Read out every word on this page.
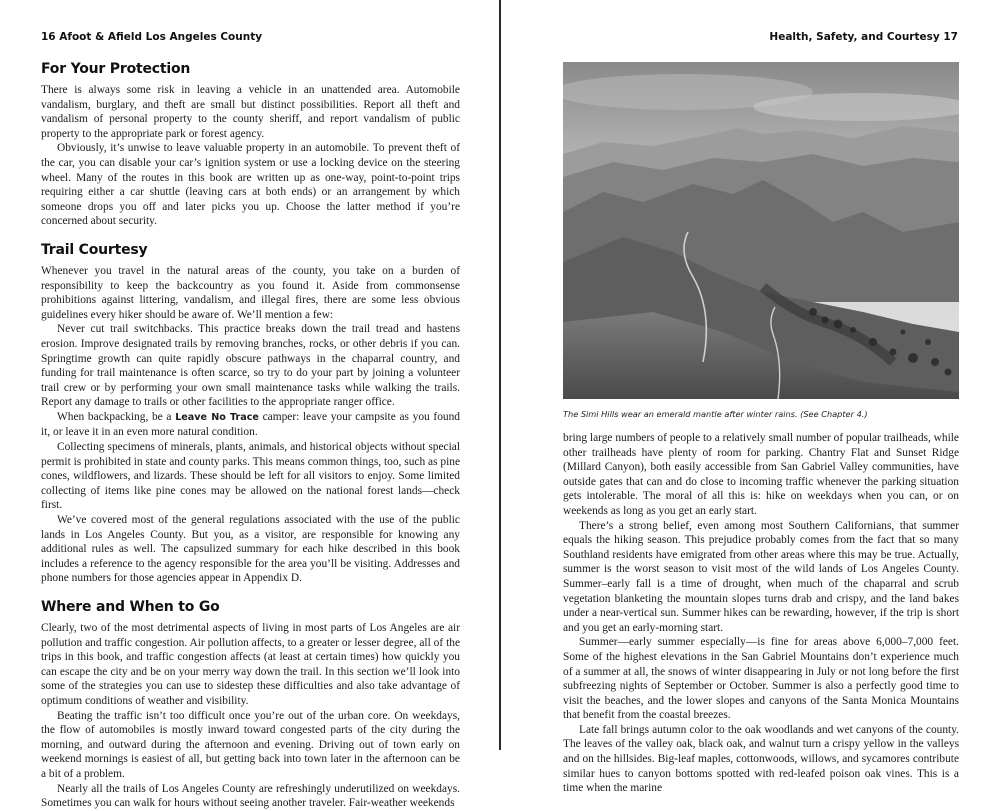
16 Afoot & Afield Los Angeles County
For Your Protection

There is always some risk in leaving a vehicle in an unattended area. Automobile vandalism, burglary, and theft are small but distinct possibilities. Report all theft and vandalism of personal property to the county sheriff, and report vandalism of public property to the appropriate park or forest agency.

Obviously, it’s unwise to leave valuable property in an automobile. To prevent theft of the car, you can disable your car’s ignition system or use a locking device on the steering wheel. Many of the routes in this book are written up as one-way, point-to-point trips requiring either a car shuttle (leaving cars at both ends) or an arrangement by which someone drops you off and later picks you up. Choose the latter method if you’re concerned about security.

Trail Courtesy

Whenever you travel in the natural areas of the county, you take on a burden of responsibility to keep the backcountry as you found it. Aside from commonsense prohibitions against littering, vandalism, and illegal fires, there are some less obvious guidelines every hiker should be aware of. We’ll mention a few:

Never cut trail switchbacks. This practice breaks down the trail tread and hastens erosion. Improve designated trails by removing branches, rocks, or other debris if you can. Springtime growth can quite rapidly obscure pathways in the chaparral country, and funding for trail maintenance is often scarce, so try to do your part by joining a volunteer trail crew or by performing your own small maintenance tasks while walking the trails. Report any damage to trails or other facilities to the appropriate ranger office.

When backpacking, be a Leave No Trace camper: leave your campsite as you found it, or leave it in an even more natural condition.

Collecting specimens of minerals, plants, animals, and historical objects without special permit is prohibited in state and county parks. This means common things, too, such as pine cones, wildflowers, and lizards. These should be left for all visitors to enjoy. Some limited collecting of items like pine cones may be allowed on the national forest lands—check first.

We’ve covered most of the general regulations associated with the use of the public lands in Los Angeles County. But you, as a visitor, are responsible for knowing any additional rules as well. The capsulized summary for each hike described in this book includes a reference to the agency responsible for the area you’ll be visiting. Addresses and phone numbers for those agencies appear in Appendix D.

Where and When to Go

Clearly, two of the most detrimental aspects of living in most parts of Los Angeles are air pollution and traffic congestion. Air pollution affects, to a greater or lesser degree, all of the trips in this book, and traffic congestion affects (at least at certain times) how quickly you can escape the city and be on your merry way down the trail. In this section we’ll look into some of the strategies you can use to sidestep these difficulties and also take advantage of optimum conditions of weather and visibility.

Beating the traffic isn’t too difficult once you’re out of the urban core. On weekdays, the flow of automobiles is mostly inward toward congested parts of the city during the morning, and outward during the afternoon and evening. Driving out of town early on weekend mornings is easiest of all, but getting back into town later in the afternoon can be a bit of a problem.

Nearly all the trails of Los Angeles County are refreshingly underutilized on weekdays. Sometimes you can walk for hours without seeing another traveler. Fair-weather weekends

Health, Safety, and Courtesy 17
The Simi Hills wear an emerald mantle after winter rains. (See Chapter 4.)

bring large numbers of people to a relatively small number of popular trailheads, while other trailheads have plenty of room for parking. Chantry Flat and Sunset Ridge (Millard Canyon), both easily accessible from San Gabriel Valley communities, have outside gates that can and do close to incoming traffic whenever the parking situation gets intolerable. The moral of all this is: hike on weekdays when you can, or on weekends as long as you get an early start.

There’s a strong belief, even among most Southern Californians, that summer equals the hiking season. This prejudice probably comes from the fact that so many Southland residents have emigrated from other areas where this may be true. Actually, summer is the worst season to visit most of the wild lands of Los Angeles County. Summer–early fall is a time of drought, when much of the chaparral and scrub vegetation blanketing the mountain slopes turns drab and crispy, and the land bakes under a near-vertical sun. Summer hikes can be rewarding, however, if the trip is short and you get an early-morning start.

Summer—early summer especially—is fine for areas above 6,000–7,000 feet. Some of the highest elevations in the San Gabriel Mountains don’t experience much of a summer at all, the snows of winter disappearing in July or not long before the first subfreezing nights of September or October. Summer is also a perfectly good time to visit the beaches, and the lower slopes and canyons of the Santa Monica Mountains that benefit from the coastal breezes.

Late fall brings autumn color to the oak woodlands and wet canyons of the county. The leaves of the valley oak, black oak, and walnut turn a crispy yellow in the valleys and on the hillsides. Big-leaf maples, cottonwoods, willows, and sycamores contribute similar hues to canyon bottoms spotted with red-leafed poison oak vines. This is a time when the marine
